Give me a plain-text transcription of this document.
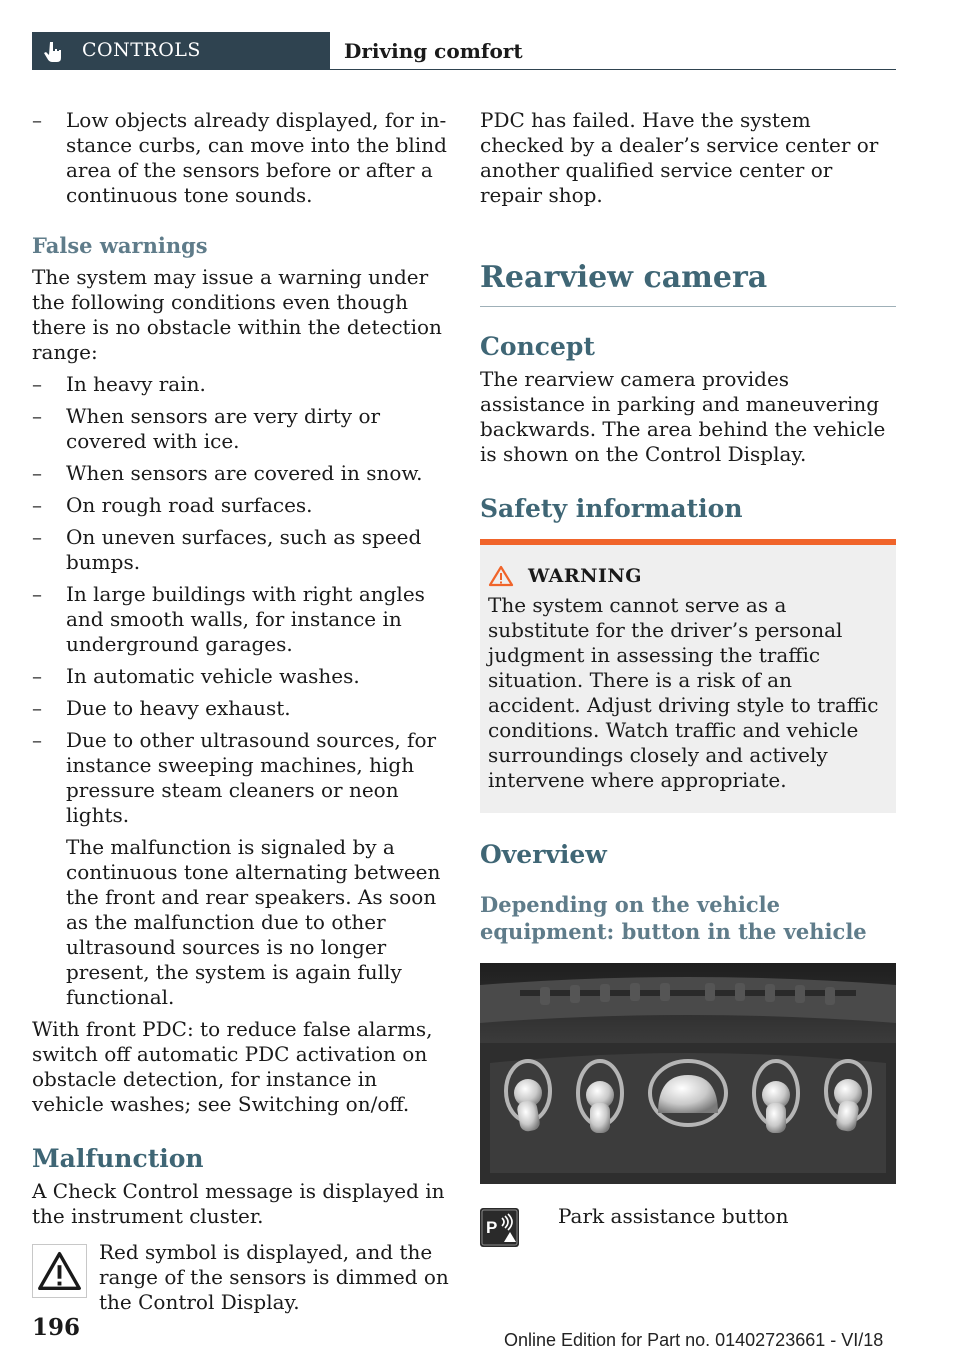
CONTROLS	Driving comfort
– Low objects already displayed, for instance curbs, can move into the blind area of the sensors before or after a continuous tone sounds.
False warnings

The system may issue a warning under the following conditions even though there is no obstacle within the detection range:

– In heavy rain.
– When sensors are very dirty or covered with ice.
– When sensors are covered in snow.
– On rough road surfaces.
– On uneven surfaces, such as speed bumps.
– In large buildings with right angles and smooth walls, for instance in underground garages.
– In automatic vehicle washes.
– Due to heavy exhaust.
– Due to other ultrasound sources, for instance sweeping machines, high pressure steam cleaners or neon lights.

The malfunction is signaled by a continuous tone alternating between the front and rear speakers. As soon as the malfunction due to other ultrasound sources is no longer present, the system is again fully functional.

With front PDC: to reduce false alarms, switch off automatic PDC activation on obstacle detection, for instance in vehicle washes; see Switching on/off.

Malfunction

A Check Control message is displayed in the instrument cluster.

Red symbol is displayed, and the range of the sensors is dimmed on the Control Display.

PDC has failed. Have the system checked by a dealer’s service center or another qualified service center or repair shop.

Rearview camera
Concept

The rearview camera provides assistance in parking and maneuvering backwards. The area behind the vehicle is shown on the Control Display.

Safety information
WARNING

The system cannot serve as a substitute for the driver’s personal judgment in assessing the traffic situation. There is a risk of an accident. Adjust driving style to traffic conditions. Watch traffic and vehicle surroundings closely and actively intervene where appropriate.

Overview
Depending on the vehicle equipment: button in the vehicle
P	Park assistance button

196	Online Edition for Part no. 01402723661 - VI/18
